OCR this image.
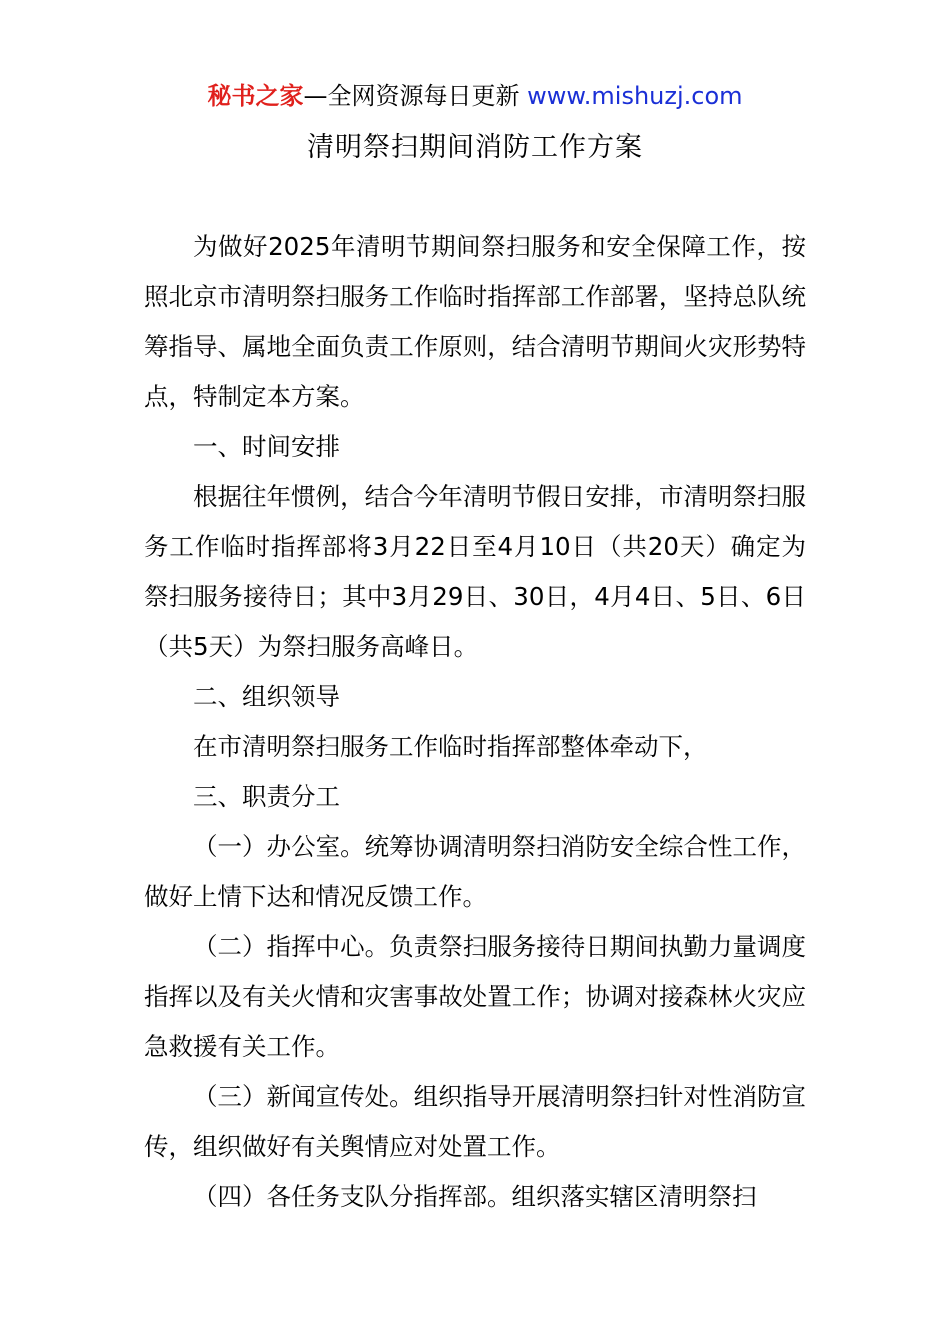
秘书之家—全网资源每日更新 www.mishuzj.com
清明祭扫期间消防工作方案

为做好2025年清明节期间祭扫服务和安全保障工作，按照北京市清明祭扫服务工作临时指挥部工作部署，坚持总队统筹指导、属地全面负责工作原则，结合清明节期间火灾形势特点，特制定本方案。

一、时间安排

根据往年惯例，结合今年清明节假日安排，市清明祭扫服务工作临时指挥部将3月22日至4月10日（共20天）确定为祭扫服务接待日；其中3月29日、30日，4月4日、5日、6日（共5天）为祭扫服务高峰日。

二、组织领导

在市清明祭扫服务工作临时指挥部整体牵动下，

三、职责分工

（一）办公室。统筹协调清明祭扫消防安全综合性工作，做好上情下达和情况反馈工作。

（二）指挥中心。负责祭扫服务接待日期间执勤力量调度指挥以及有关火情和灾害事故处置工作；协调对接森林火灾应急救援有关工作。

（三）新闻宣传处。组织指导开展清明祭扫针对性消防宣传，组织做好有关舆情应对处置工作。

（四）各任务支队分指挥部。组织落实辖区清明祭扫
